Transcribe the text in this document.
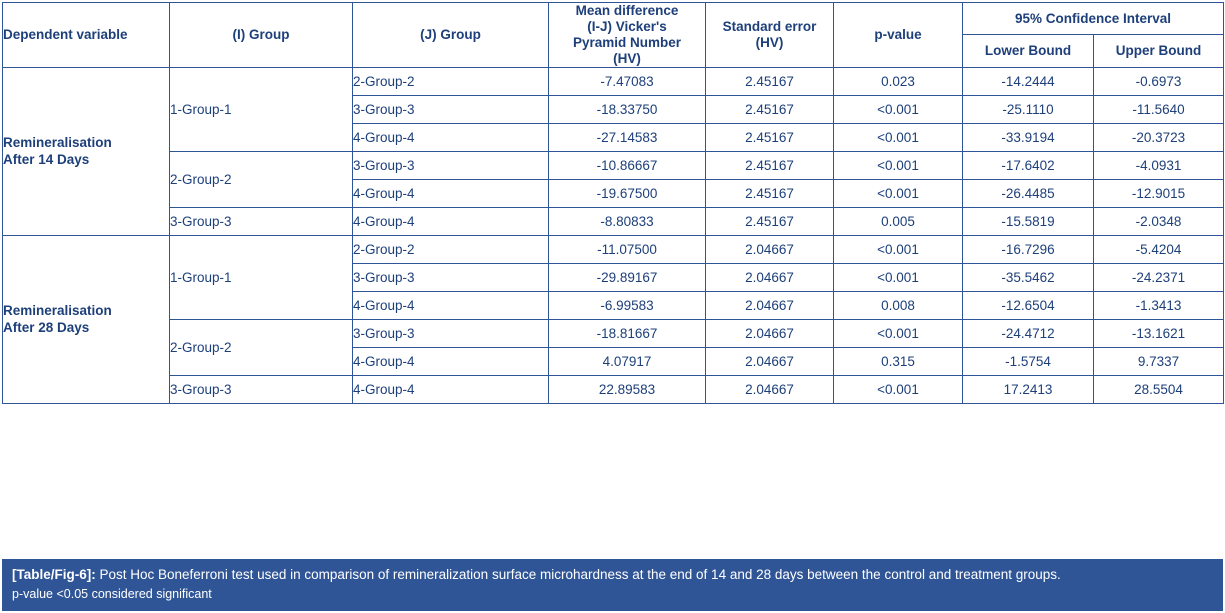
Dependent variable	(I) Group	(J) Group	Mean difference
(I-J) Vicker's
Pyramid Number
(HV)	Standard error
(HV)	p-value	95% Confidence Interval	
						Lower Bound	Upper Bound
Remineralisation
After 14 Days	1-Group-1	2-Group-2	-7.47083	2.45167	0.023	-14.2444	-0.6973
		3-Group-3	-18.33750	2.45167	<0.001	-25.1110	-11.5640
		4-Group-4	-27.14583	2.45167	<0.001	-33.9194	-20.3723
	2-Group-2	3-Group-3	-10.86667	2.45167	<0.001	-17.6402	-4.0931
		4-Group-4	-19.67500	2.45167	<0.001	-26.4485	-12.9015
	3-Group-3	4-Group-4	-8.80833	2.45167	0.005	-15.5819	-2.0348
Remineralisation
After 28 Days	1-Group-1	2-Group-2	-11.07500	2.04667	<0.001	-16.7296	-5.4204
		3-Group-3	-29.89167	2.04667	<0.001	-35.5462	-24.2371
		4-Group-4	-6.99583	2.04667	0.008	-12.6504	-1.3413
	2-Group-2	3-Group-3	-18.81667	2.04667	<0.001	-24.4712	-13.1621
		4-Group-4	4.07917	2.04667	0.315	-1.5754	9.7337
	3-Group-3	4-Group-4	22.89583	2.04667	<0.001	17.2413	28.5504
[Table/Fig-6]: Post Hoc Boneferroni test used in comparison of remineralization surface microhardness at the end of 14 and 28 days between the control and treatment groups.
p-value <0.05 considered significant
